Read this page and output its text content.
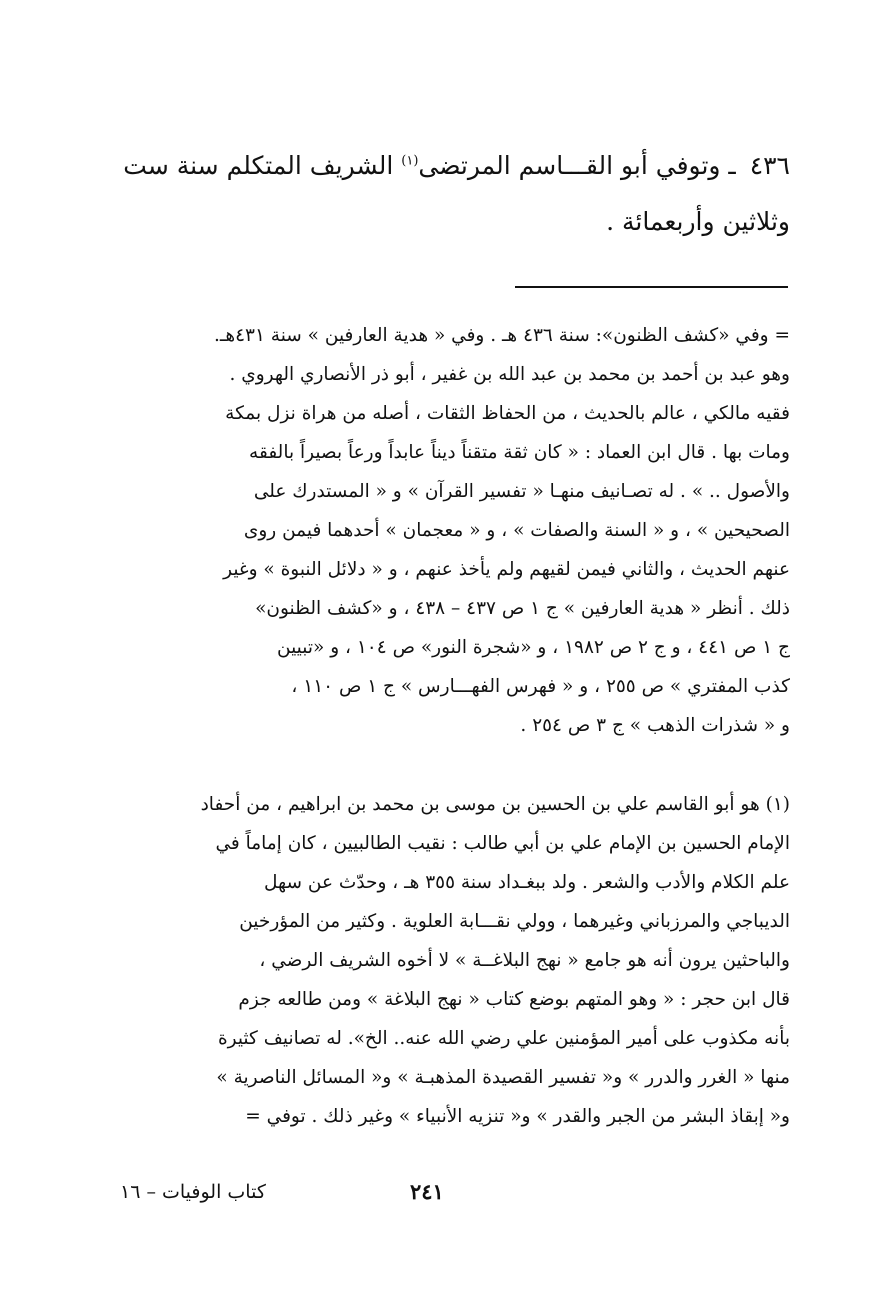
٤٣٦ ـ وتوفي أبو القـــاسم المرتضى$^{(١)}$ الشريف المتكلم سنة ست

وثلاثين وأربعمائة .

= وفي «كشف الظنون»: سنة ٤٣٦ هـ . وفي « هدية العارفين » سنة ٤٣١هـ.
وهو عبد بن أحمد بن محمد بن عبد الله بن غفير ، أبو ذر الأنصاري الهروي .
فقيه مالكي ، عالم بالحديث ، من الحفاظ الثقات ، أصله من هراة نزل بمكة
ومات بها . قال ابن العماد : « كان ثقة متقناً ديناً عابداً ورعاً بصيراً بالفقه
والأصول .. » . له تصـانيف منهـا « تفسير القرآن » و « المستدرك على
الصحيحين » ، و « السنة والصفات » ، و « معجمان » أحدهما فيمن روى
عنهم الحديث ، والثاني فيمن لقيهم ولم يأخذ عنهم ، و « دلائل النبوة » وغير
ذلك . أنظر « هدية العارفين » ج ١ ص ٤٣٧ – ٤٣٨ ، و «كشف الظنون»
ج ١ ص ٤٤١ ، و ج ٢ ص ١٩٨٢ ، و «شجرة النور» ص ١٠٤ ، و «تبيين
كذب المفتري » ص ٢٥٥ ، و « فهرس الفهـــارس » ج ١ ص ١١٠ ،
و « شذرات الذهب » ج ٣ ص ٢٥٤ .
(١) هو أبو القاسم علي بن الحسين بن موسى بن محمد بن ابراهيم ، من أحفاد
الإمام الحسين بن الإمام علي بن أبي طالب : نقيب الطالبيين ، كان إماماً في
علم الكلام والأدب والشعر . ولد ببغـداد سنة ٣٥٥ هـ ، وحدّث عن سهل
الديباجي والمرزباني وغيرهما ، وولي نقـــابة العلوية . وكثير من المؤرخين
والباحثين يرون أنه هو جامع « نهج البلاغــة » لا أخوه الشريف الرضي ،
قال ابن حجر : « وهو المتهم بوضع كتاب « نهج البلاغة » ومن طالعه جزم
بأنه مكذوب على أمير المؤمنين علي رضي الله عنه.. الخ». له تصانيف كثيرة
منها « الغرر والدرر » و« تفسير القصيدة المذهبـة » و« المسائل الناصرية »
و« إبقاذ البشر من الجبر والقدر » و« تنزيه الأنبياء » وغير ذلك . توفي =
كتاب الوفيات – ١٦	٢٤١
